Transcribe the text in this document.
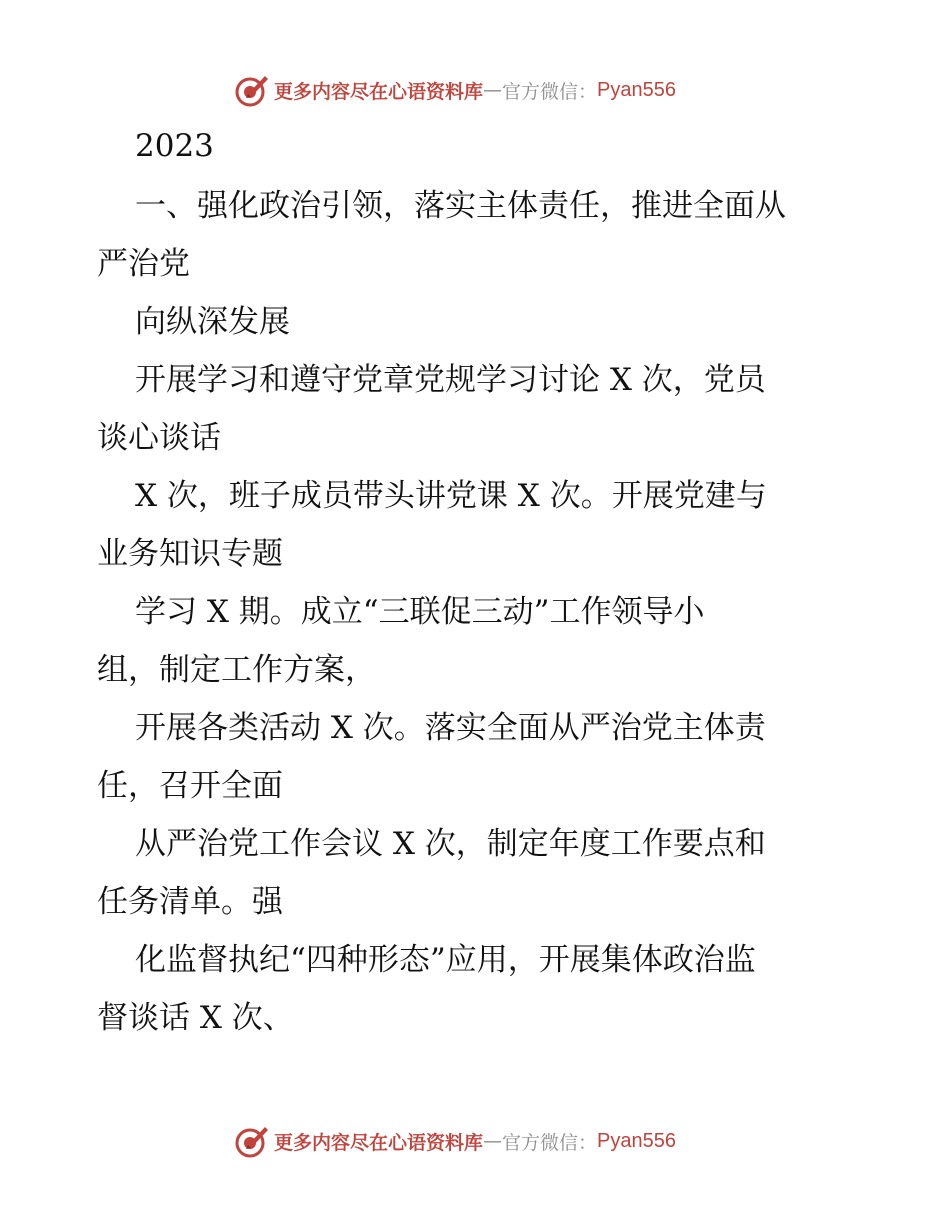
更多内容尽在心语资料库 — 官方微信： Pyan556
2023
一、强化政治引领，落实主体责任，推进全面从
严治党
向纵深发展
开展学习和遵守党章党规学习讨论 X 次，党员
谈心谈话
X 次，班子成员带头讲党课 X 次。开展党建与
业务知识专题
学习 X 期。成立“三联促三动”工作领导小
组，制定工作方案，
开展各类活动 X 次。落实全面从严治党主体责
任，召开全面
从严治党工作会议 X 次，制定年度工作要点和
任务清单。强
化监督执纪“四种形态”应用，开展集体政治监
督谈话 X 次、
更多内容尽在心语资料库 — 官方微信： Pyan556
